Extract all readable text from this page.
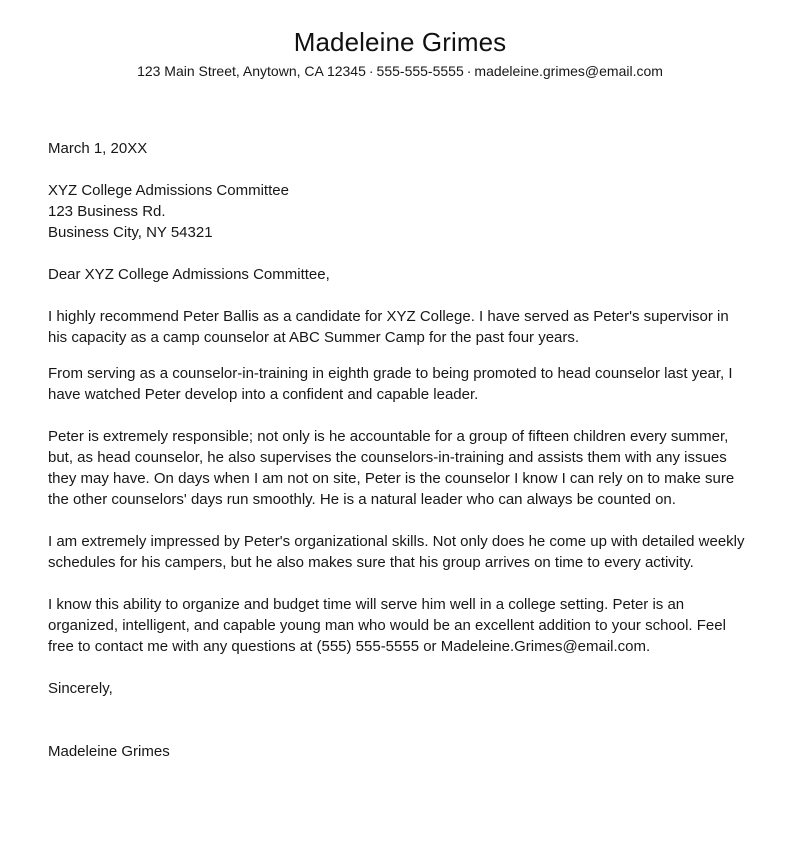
Madeleine Grimes

123 Main Street, Anytown, CA 12345 · 555-555-5555 · madeleine.grimes@email.com

March 1, 20XX
XYZ College Admissions Committee
123 Business Rd.
Business City, NY 54321
Dear XYZ College Admissions Committee,

I highly recommend Peter Ballis as a candidate for XYZ College. I have served as Peter's supervisor in his capacity as a camp counselor at ABC Summer Camp for the past four years.

From serving as a counselor-in-training in eighth grade to being promoted to head counselor last year, I have watched Peter develop into a confident and capable leader.

Peter is extremely responsible; not only is he accountable for a group of fifteen children every summer, but, as head counselor, he also supervises the counselors-in-training and assists them with any issues they may have. On days when I am not on site, Peter is the counselor I know I can rely on to make sure the other counselors' days run smoothly. He is a natural leader who can always be counted on.

I am extremely impressed by Peter's organizational skills. Not only does he come up with detailed weekly schedules for his campers, but he also makes sure that his group arrives on time to every activity.

I know this ability to organize and budget time will serve him well in a college setting. Peter is an organized, intelligent, and capable young man who would be an excellent addition to your school. Feel free to contact me with any questions at (555) 555-5555 or Madeleine.Grimes@email.com.

Sincerely,
Madeleine Grimes
